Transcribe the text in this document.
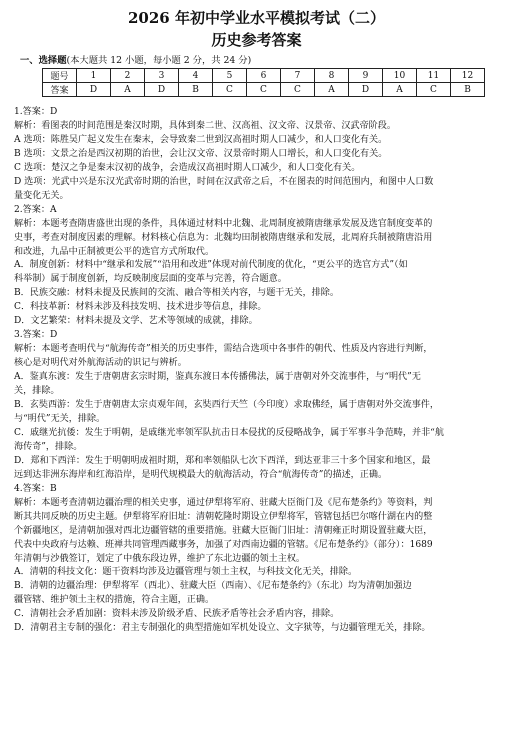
2026 年初中学业水平模拟考试（二）
历史参考答案
一、选择题(本大题共 12 小题，每小题 2 分，共 24 分)
题号	1	2	3	4	5	6	7	8	9	10	11	12
答案	D	A	D	B	C	C	C	A	D	A	C	B

1.答案：D

解析：看图表的时间范围是秦汉时期，具体到秦二世、汉高祖、汉文帝、汉景帝、汉武帝阶段。

A 选项：陈胜吴广起义发生在秦末，会导致秦二世到汉高祖时期人口减少，和人口变化有关。

B 选项：文景之治是西汉初期的治世，会让汉文帝、汉景帝时期人口增长，和人口变化有关。

C 选项：楚汉之争是秦末汉初的战争，会造成汉高祖时期人口减少，和人口变化有关。

D 选项：光武中兴是东汉光武帝时期的治世，时间在汉武帝之后，不在图表的时间范围内，和图中人口数

量变化无关。

2.答案：A

解析：本题考查隋唐盛世出现的条件，具体通过材料中北魏、北周制度被隋唐继承发展及选官制度变革的

史事，考查对制度因素的理解。材料核心信息为：北魏均田制被隋唐继承和发展，北周府兵制被隋唐沿用

和改进，九品中正制被更公平的选官方式所取代。

A．制度创新：材料中“继承和发展”“沿用和改进”体现对前代制度的优化，“更公平的选官方式”（如

科举制）属于制度创新，均反映制度层面的变革与完善，符合题意。

B．民族交融：材料未提及民族间的交流、融合等相关内容，与题干无关，排除。

C．科技革新：材料未涉及科技发明、技术进步等信息，排除。

D．文艺繁荣：材料未提及文学、艺术等领域的成就，排除。

3.答案：D

解析：本题考查明代与“航海传奇”相关的历史事件，需结合选项中各事件的朝代、性质及内容进行判断，

核心是对明代对外航海活动的识记与辨析。

A．鉴真东渡：发生于唐朝唐玄宗时期，鉴真东渡日本传播佛法，属于唐朝对外交流事件，与“明代”无

关，排除。

B．玄奘西游：发生于唐朝唐太宗贞观年间，玄奘西行天竺（今印度）求取佛经，属于唐朝对外交流事件，

与“明代”无关，排除。

C．戚继光抗倭：发生于明朝，是戚继光率领军队抗击日本侵扰的反侵略战争，属于军事斗争范畴，并非“航

海传奇”，排除。

D．郑和下西洋：发生于明朝明成祖时期，郑和率领船队七次下西洋，到达亚非三十多个国家和地区，最

远到达非洲东海岸和红海沿岸，是明代规模最大的航海活动，符合“航海传奇”的描述，正确。

4.答案：B

解析：本题考查清朝边疆治理的相关史事，通过伊犁将军府、驻藏大臣衙门及《尼布楚条约》等资料，判

断其共同反映的历史主题。伊犁将军府旧址：清朝乾隆时期设立伊犁将军，管辖包括巴尔喀什湖在内的整

个新疆地区，是清朝加强对西北边疆管辖的重要措施。驻藏大臣衙门旧址：清朝雍正时期设置驻藏大臣，

代表中央政府与达赖、班禅共同管理西藏事务，加强了对西南边疆的管辖。《尼布楚条约》（部分）：1689

年清朝与沙俄签订，划定了中俄东段边界，维护了东北边疆的领土主权。

A．清朝的科技文化：题干资料均涉及边疆管理与领土主权，与科技文化无关，排除。

B．清朝的边疆治理：伊犁将军（西北）、驻藏大臣（西南）、《尼布楚条约》（东北）均为清朝加强边

疆管辖、维护领土主权的措施，符合主题，正确。

C．清朝社会矛盾加剧：资料未涉及阶级矛盾、民族矛盾等社会矛盾内容，排除。

D．清朝君主专制的强化：君主专制强化的典型措施如军机处设立、文字狱等，与边疆管理无关，排除。
